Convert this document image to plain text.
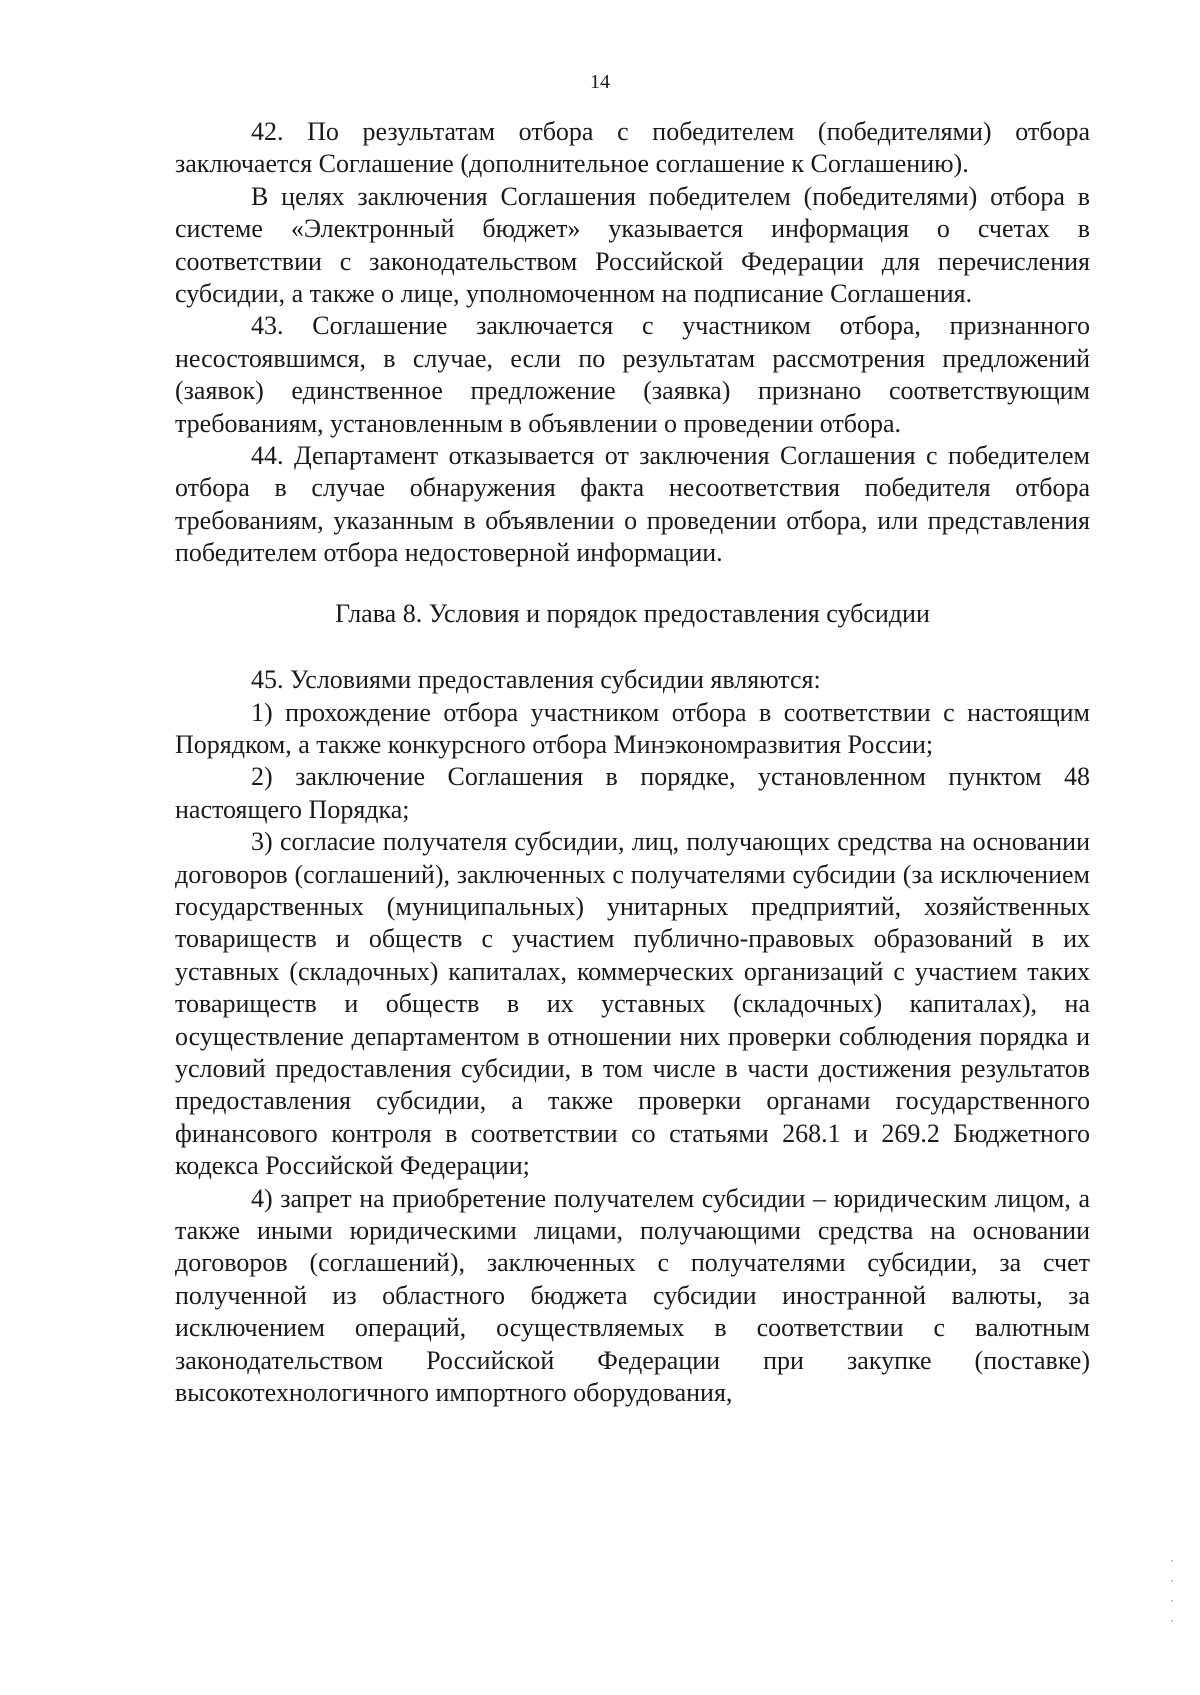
14

42. По результатам отбора с победителем (победителями) отбора заключается Соглашение (дополнительное соглашение к Соглашению).

В целях заключения Соглашения победителем (победителями) отбора в системе «Электронный бюджет» указывается информация о счетах в соответствии с законодательством Российской Федерации для перечисления субсидии, а также о лице, уполномоченном на подписание Соглашения.

43. Соглашение заключается с участником отбора, признанного несостоявшимся, в случае, если по результатам рассмотрения предложений (заявок) единственное предложение (заявка) признано соответствующим требованиям, установленным в объявлении о проведении отбора.

44. Департамент отказывается от заключения Соглашения с победителем отбора в случае обнаружения факта несоответствия победителя отбора требованиям, указанным в объявлении о проведении отбора, или представления победителем отбора недостоверной информации.

Глава 8. Условия и порядок предоставления субсидии

45. Условиями предоставления субсидии являются:

1) прохождение отбора участником отбора в соответствии с настоящим Порядком, а также конкурсного отбора Минэкономразвития России;

2) заключение Соглашения в порядке, установленном пунктом 48 настоящего Порядка;

3) согласие получателя субсидии, лиц, получающих средства на основании договоров (соглашений), заключенных с получателями субсидии (за исключением государственных (муниципальных) унитарных предприятий, хозяйственных товариществ и обществ с участием публично-правовых образований в их уставных (складочных) капиталах, коммерческих организаций с участием таких товариществ и обществ в их уставных (складочных) капиталах), на осуществление департаментом в отношении них проверки соблюдения порядка и условий предоставления субсидии, в том числе в части достижения результатов предоставления субсидии, а также проверки органами государственного финансового контроля в соответствии со статьями 268.1 и 269.2 Бюджетного кодекса Российской Федерации;

4) запрет на приобретение получателем субсидии – юридическим лицом, а также иными юридическими лицами, получающими средства на основании договоров (соглашений), заключенных с получателями субсидии, за счет полученной из областного бюджета субсидии иностранной валюты, за исключением операций, осуществляемых в соответствии с валютным законодательством Российской Федерации при закупке (поставке) высокотехнологичного импортного оборудования,
